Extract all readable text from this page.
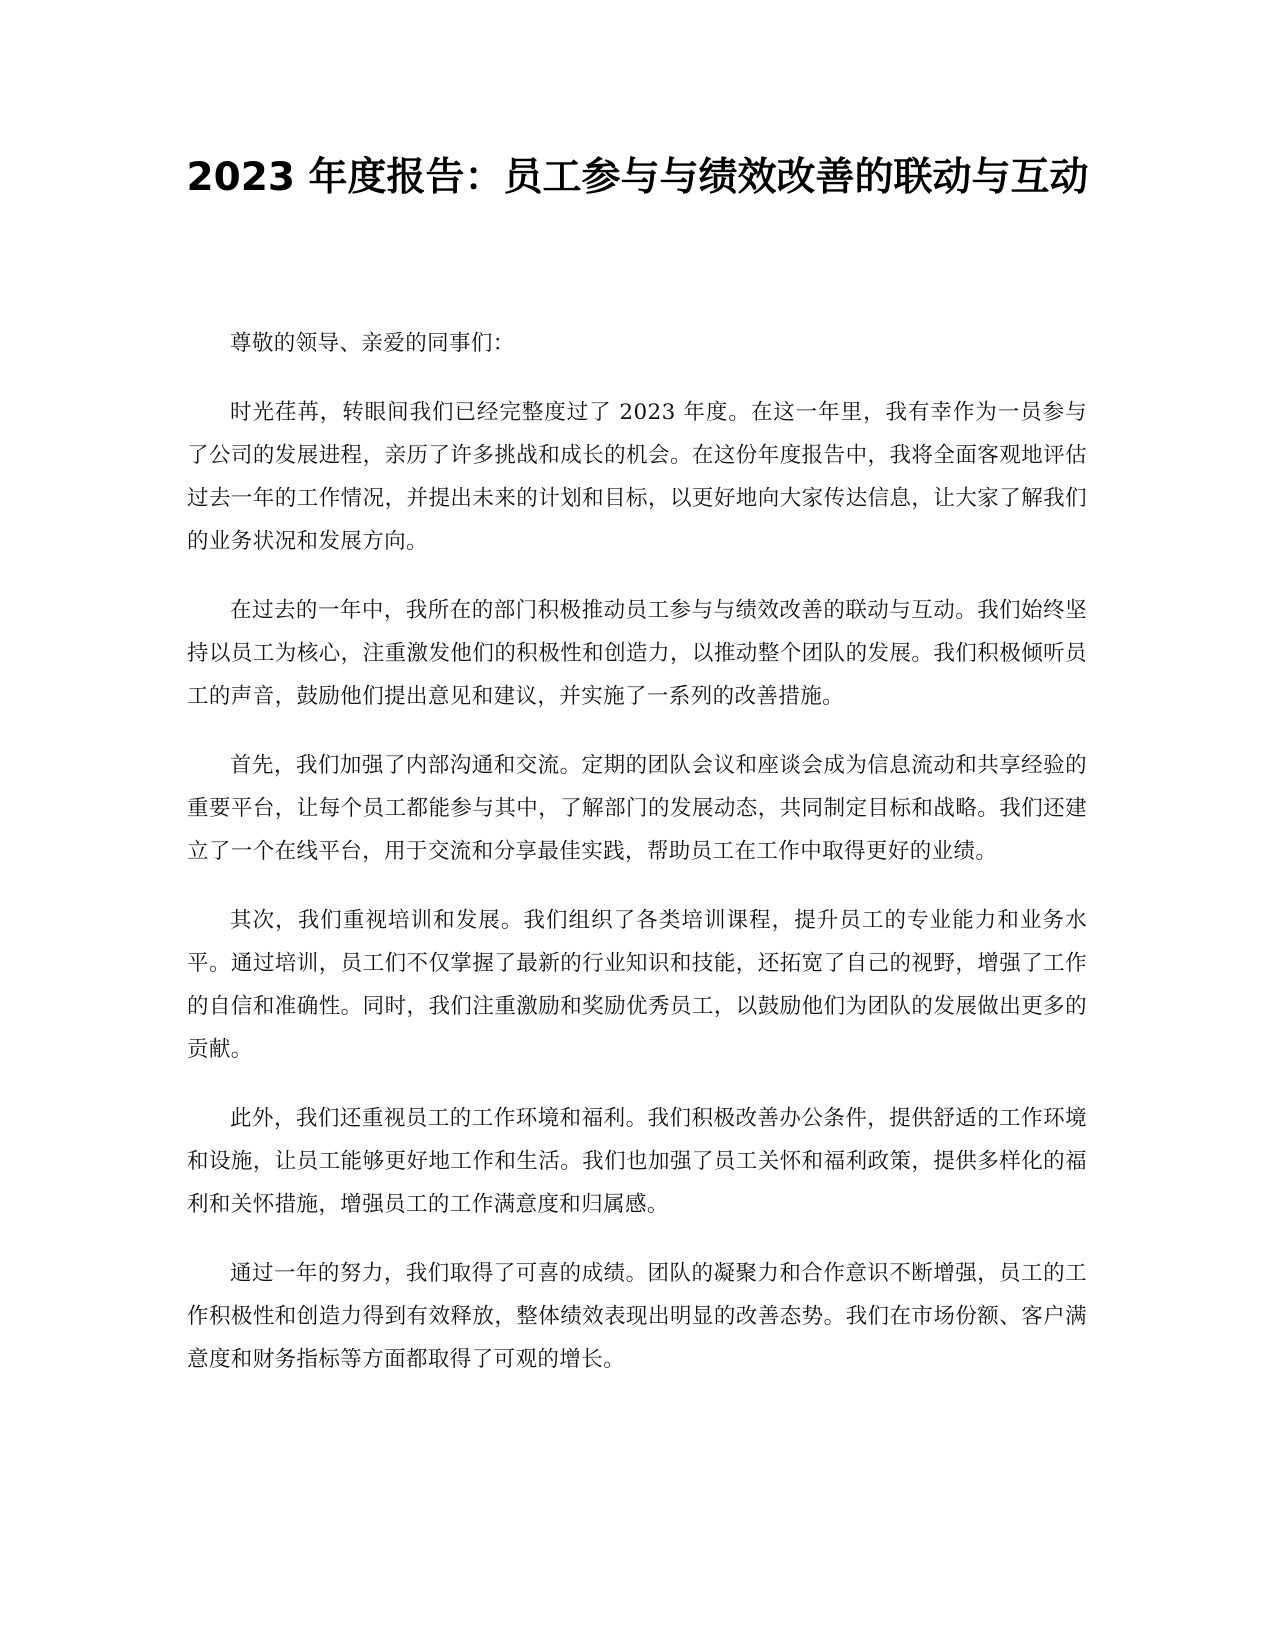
2023 年度报告：员工参与与绩效改善的联动与互动

尊敬的领导、亲爱的同事们：

时光荏苒，转眼间我们已经完整度过了 2023 年度。在这一年里，我有幸作为一员参与了公司的发展进程，亲历了许多挑战和成长的机会。在这份年度报告中，我将全面客观地评估过去一年的工作情况，并提出未来的计划和目标，以更好地向大家传达信息，让大家了解我们的业务状况和发展方向。

在过去的一年中，我所在的部门积极推动员工参与与绩效改善的联动与互动。我们始终坚持以员工为核心，注重激发他们的积极性和创造力，以推动整个团队的发展。我们积极倾听员工的声音，鼓励他们提出意见和建议，并实施了一系列的改善措施。

首先，我们加强了内部沟通和交流。定期的团队会议和座谈会成为信息流动和共享经验的重要平台，让每个员工都能参与其中，了解部门的发展动态，共同制定目标和战略。我们还建立了一个在线平台，用于交流和分享最佳实践，帮助员工在工作中取得更好的业绩。

其次，我们重视培训和发展。我们组织了各类培训课程，提升员工的专业能力和业务水平。通过培训，员工们不仅掌握了最新的行业知识和技能，还拓宽了自己的视野，增强了工作的自信和准确性。同时，我们注重激励和奖励优秀员工，以鼓励他们为团队的发展做出更多的贡献。

此外，我们还重视员工的工作环境和福利。我们积极改善办公条件，提供舒适的工作环境和设施，让员工能够更好地工作和生活。我们也加强了员工关怀和福利政策，提供多样化的福利和关怀措施，增强员工的工作满意度和归属感。

通过一年的努力，我们取得了可喜的成绩。团队的凝聚力和合作意识不断增强，员工的工作积极性和创造力得到有效释放，整体绩效表现出明显的改善态势。我们在市场份额、客户满意度和财务指标等方面都取得了可观的增长。
